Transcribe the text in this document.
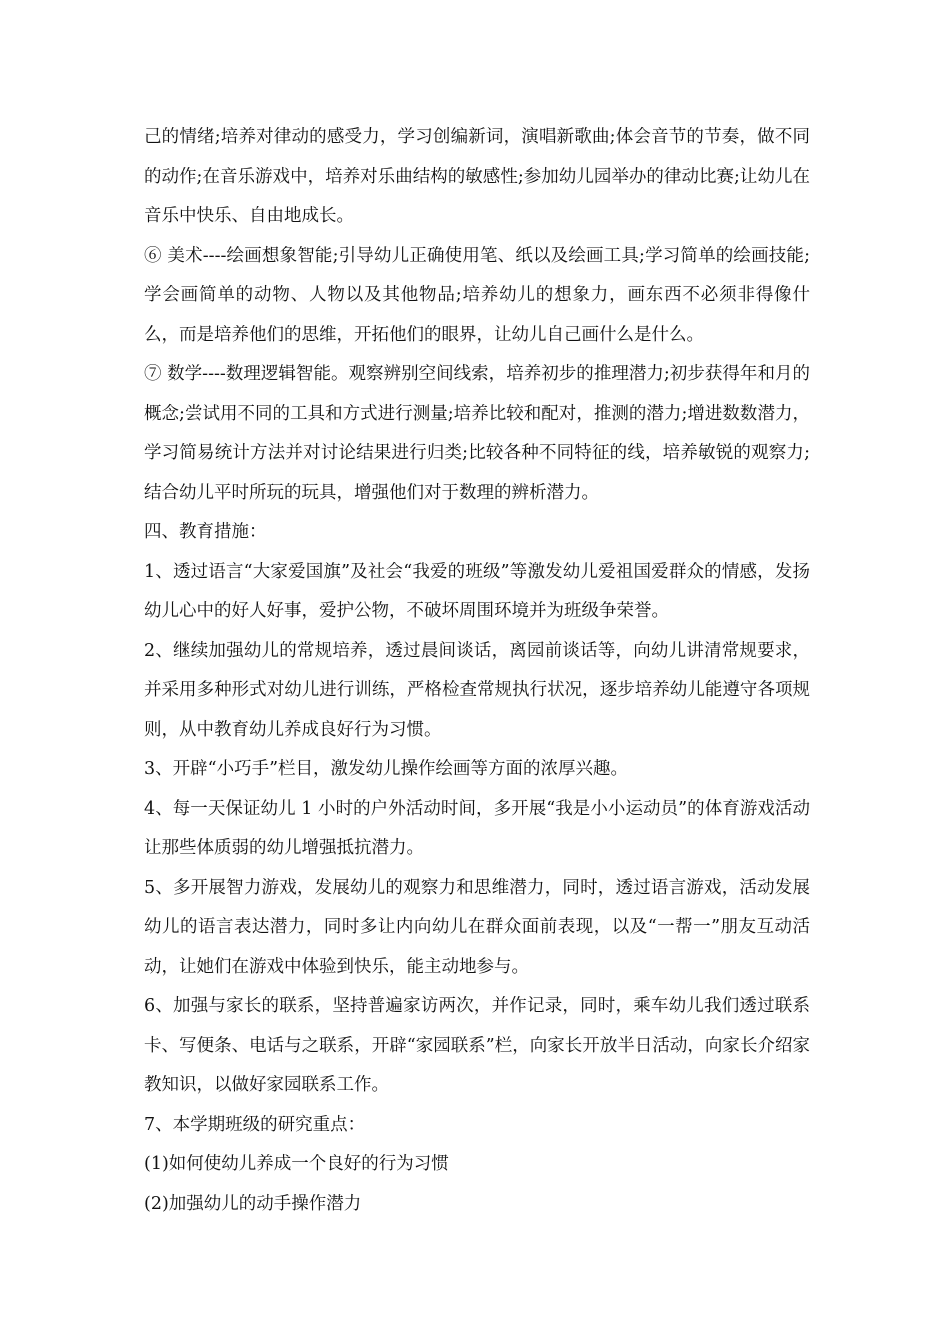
己的情绪;培养对律动的感受力，学习创编新词，演唱新歌曲;体会音节的节奏，做不同的动作;在音乐游戏中，培养对乐曲结构的敏感性;参加幼儿园举办的律动比赛;让幼儿在音乐中快乐、自由地成长。

⑥ 美术----绘画想象智能;引导幼儿正确使用笔、纸以及绘画工具;学习简单的绘画技能;学会画简单的动物、人物以及其他物品;培养幼儿的想象力，画东西不必须非得像什么，而是培养他们的思维，开拓他们的眼界，让幼儿自己画什么是什么。

⑦ 数学----数理逻辑智能。观察辨别空间线索，培养初步的推理潜力;初步获得年和月的概念;尝试用不同的工具和方式进行测量;培养比较和配对，推测的潜力;增进数数潜力，学习简易统计方法并对讨论结果进行归类;比较各种不同特征的线，培养敏锐的观察力;结合幼儿平时所玩的玩具，增强他们对于数理的辨析潜力。

四、教育措施：

1、透过语言“大家爱国旗”及社会“我爱的班级”等激发幼儿爱祖国爱群众的情感，发扬幼儿心中的好人好事，爱护公物，不破坏周围环境并为班级争荣誉。

2、继续加强幼儿的常规培养，透过晨间谈话，离园前谈话等，向幼儿讲清常规要求，并采用多种形式对幼儿进行训练，严格检查常规执行状况，逐步培养幼儿能遵守各项规则，从中教育幼儿养成良好行为习惯。

3、开辟“小巧手”栏目，激发幼儿操作绘画等方面的浓厚兴趣。

4、每一天保证幼儿 1 小时的户外活动时间，多开展“我是小小运动员”的体育游戏活动让那些体质弱的幼儿增强抵抗潜力。

5、多开展智力游戏，发展幼儿的观察力和思维潜力，同时，透过语言游戏，活动发展幼儿的语言表达潜力，同时多让内向幼儿在群众面前表现，以及“一帮一”朋友互动活动，让她们在游戏中体验到快乐，能主动地参与。

6、加强与家长的联系，坚持普遍家访两次，并作记录，同时，乘车幼儿我们透过联系卡、写便条、电话与之联系，开辟“家园联系”栏，向家长开放半日活动，向家长介绍家教知识，以做好家园联系工作。

7、本学期班级的研究重点：

(1)如何使幼儿养成一个良好的行为习惯

(2)加强幼儿的动手操作潜力
